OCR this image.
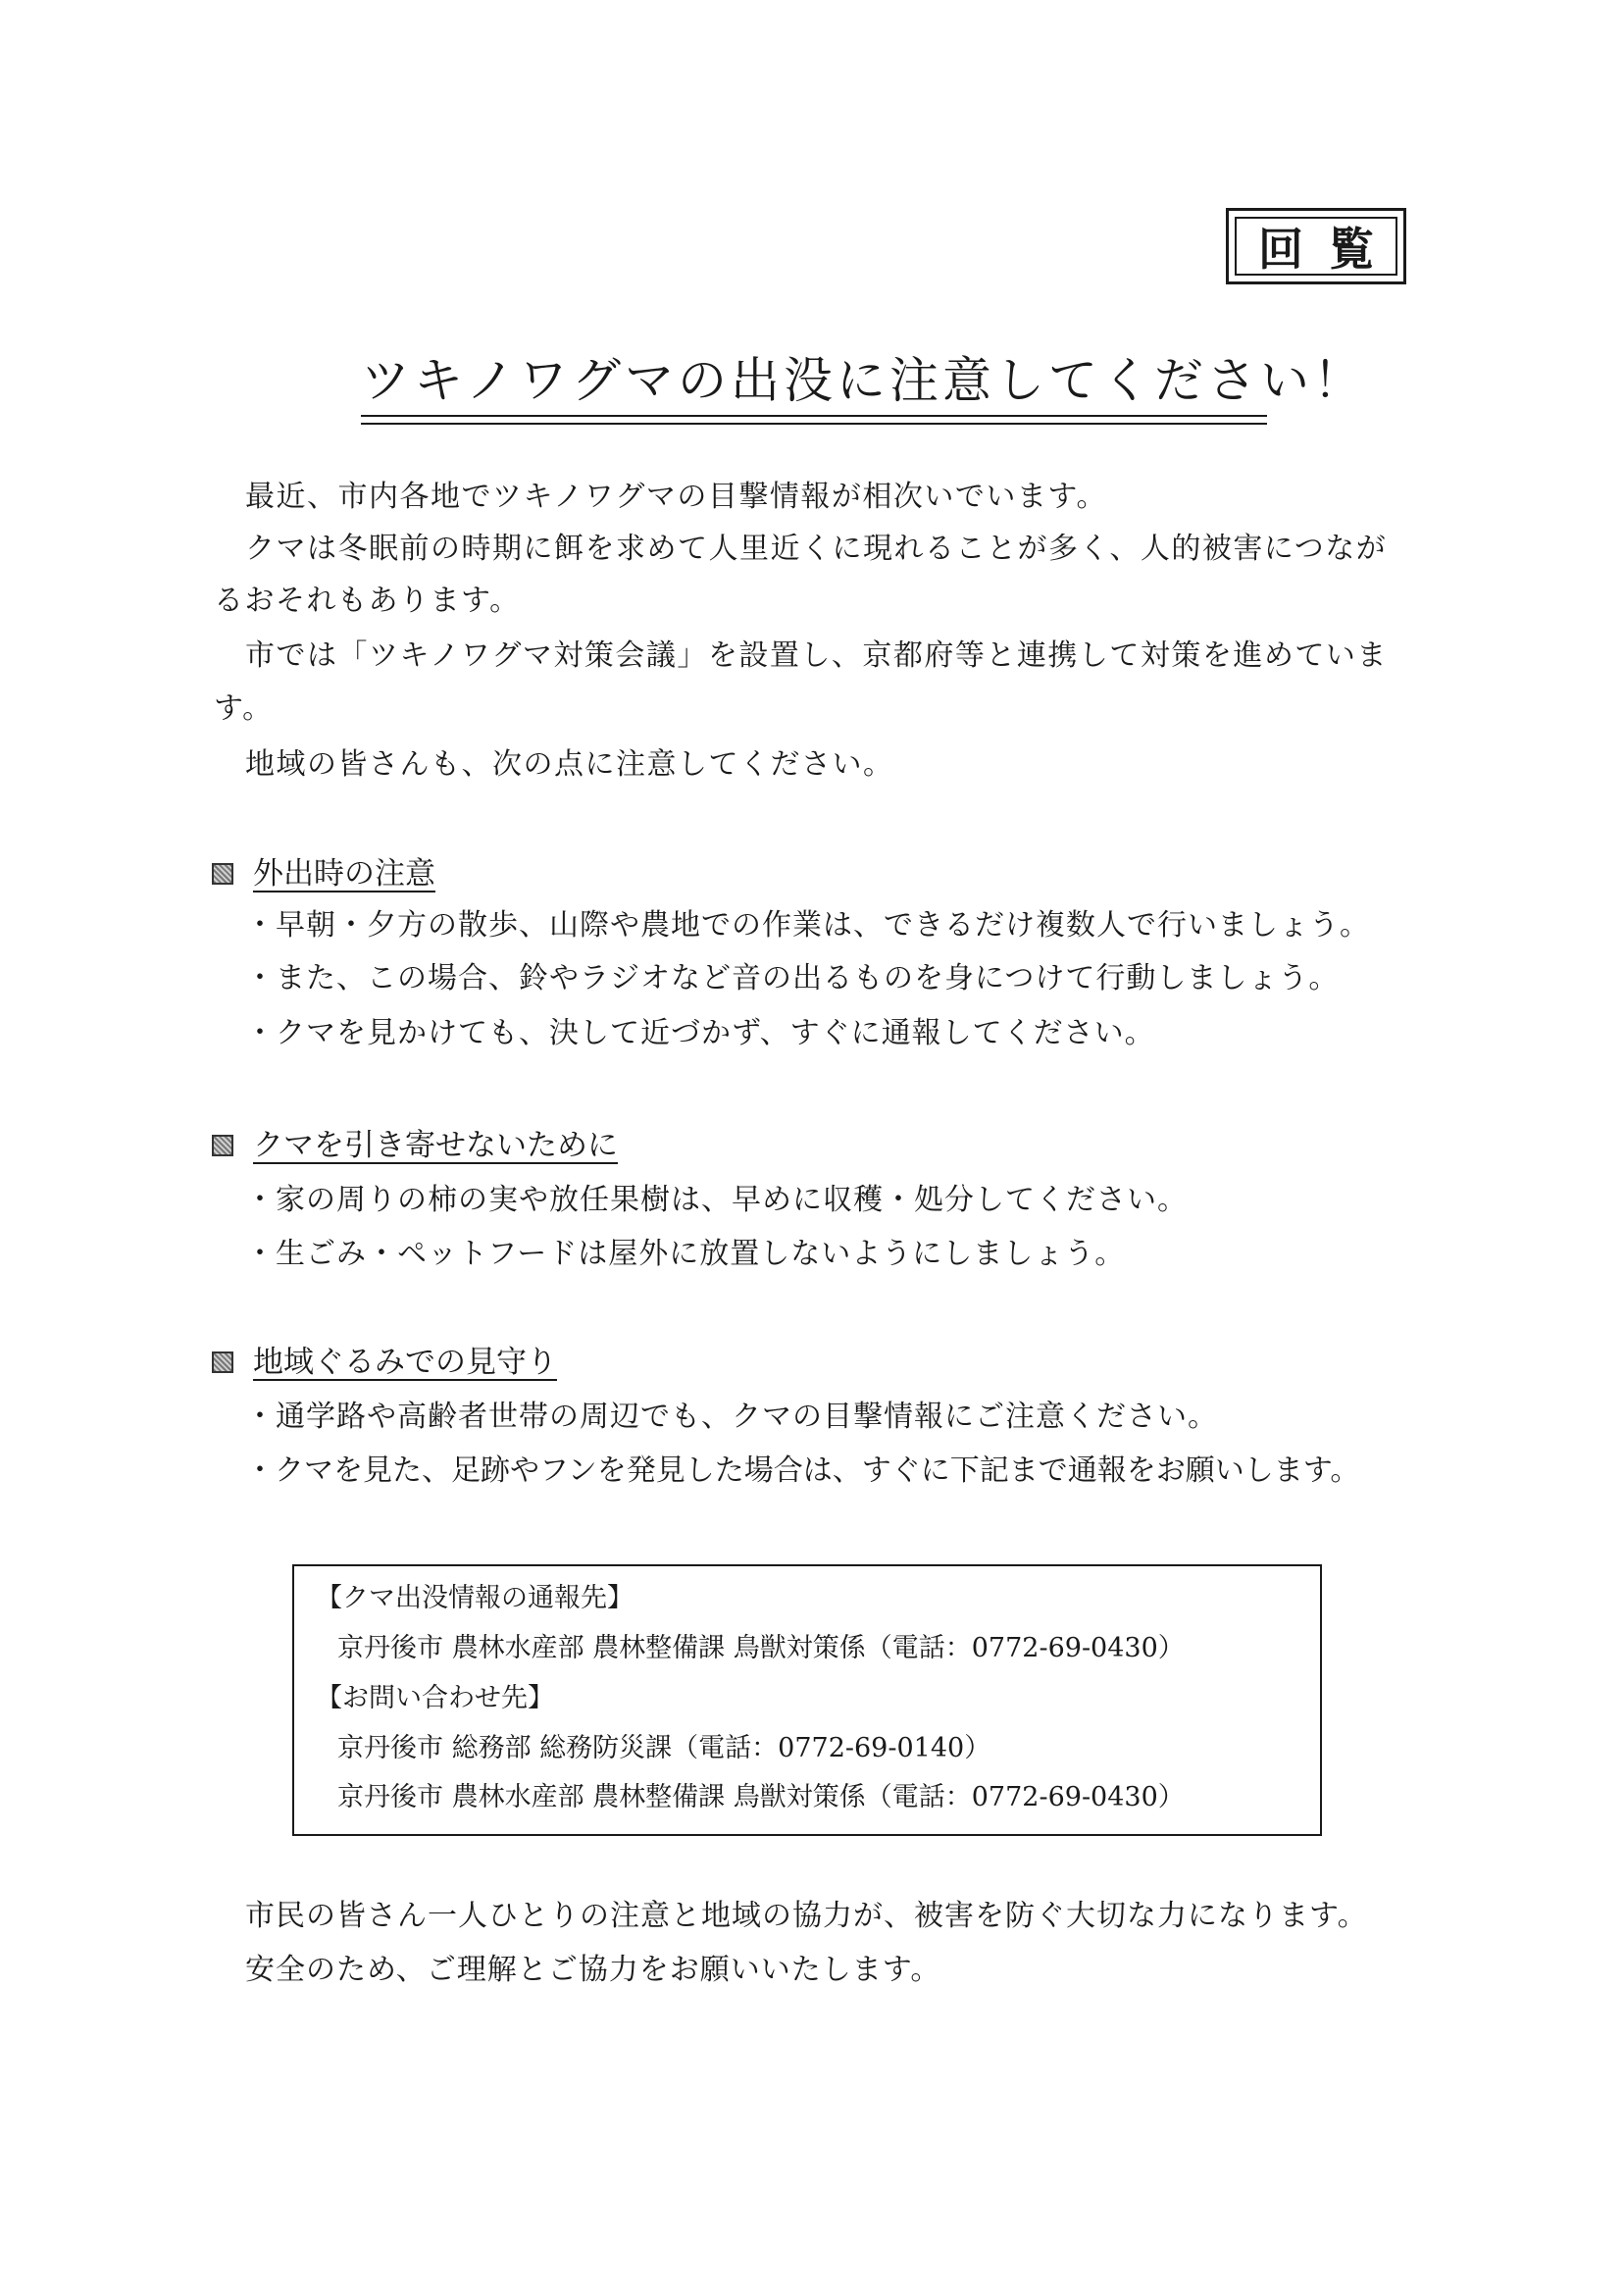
回覧
ツキノワグマの出没に注意してください！
最近、市内各地でツキノワグマの目撃情報が相次いでいます。
クマは冬眠前の時期に餌を求めて人里近くに現れることが多く、人的被害につなが
るおそれもあります。
市では「ツキノワグマ対策会議」を設置し、京都府等と連携して対策を進めていま
す。
地域の皆さんも、次の点に注意してください。
外出時の注意
・早朝・夕方の散歩、山際や農地での作業は、できるだけ複数人で行いましょう。
・また、この場合、鈴やラジオなど音の出るものを身につけて行動しましょう。
・クマを見かけても、決して近づかず、すぐに通報してください。
クマを引き寄せないために
・家の周りの柿の実や放任果樹は、早めに収穫・処分してください。
・生ごみ・ペットフードは屋外に放置しないようにしましょう。
地域ぐるみでの見守り
・通学路や高齢者世帯の周辺でも、クマの目撃情報にご注意ください。
・クマを見た、足跡やフンを発見した場合は、すぐに下記まで通報をお願いします。
【クマ出没情報の通報先】
京丹後市 農林水産部 農林整備課 鳥獣対策係（電話：0772-69-0430）
【お問い合わせ先】
京丹後市 総務部 総務防災課（電話：0772-69-0140）
京丹後市 農林水産部 農林整備課 鳥獣対策係（電話：0772-69-0430）
市民の皆さん一人ひとりの注意と地域の協力が、被害を防ぐ大切な力になります。
安全のため、ご理解とご協力をお願いいたします。
